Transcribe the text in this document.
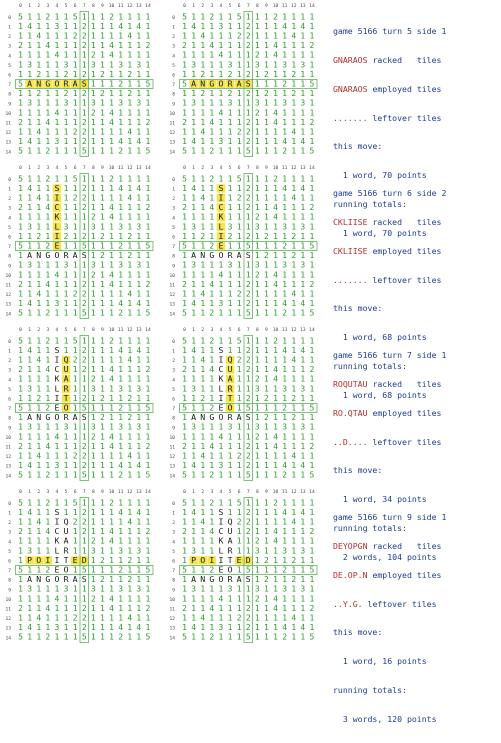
0 1 2 3 4 5 6 7 8 9 10 11 12 13 14
0 5 1 1 2 1 1 5 1 1 1 2 1 1 1 1
1 1 4 1 1 3 1 1 2 1 1 1 4 1 4 1
2 1 1 4 1 1 1 2 2 1 1 1 1 4 1 1
3 2 1 1 4 1 1 1 2 1 1 4 1 1 1 2
4 1 1 1 1 4 1 1 1 2 1 4 1 1 1 1
5 1 3 1 1 1 3 1 1 3 1 1 3 1 3 1
6 1 1 2 1 1 2 1 2 1 2 1 1 2 1 1
7 5 A N G O R A S 1 1 1 2 1 1 5
8 1 1 2 1 1 2 1 2 1 2 1 1 2 1 1
9 1 3 1 1 1 3 1 1 3 1 1 3 1 3 1
10 1 1 1 1 4 1 1 1 2 1 4 1 1 1 1
11 2 1 1 4 1 1 1 2 1 1 4 1 1 1 2
12 1 1 4 1 1 1 2 2 1 1 1 1 4 1 1
13 1 4 1 1 3 1 1 2 1 1 1 4 1 4 1
14 5 1 1 2 1 1 1 5 1 1 1 2 1 1 5
0 1 2 3 4 5 6 7 8 9 10 11 12 13 14
0 5 1 1 2 1 1 5 1 1 1 2 1 1 1 1
1 1 4 1 1 3 1 1 2 1 1 1 4 1 4 1
2 1 1 4 1 1 1 2 2 1 1 1 1 4 1 1
3 2 1 1 4 1 1 1 2 1 1 4 1 1 1 2
4 1 1 1 1 4 1 1 1 2 1 4 1 1 1 1
5 1 3 1 1 1 3 1 1 3 1 1 3 1 3 1
6 1 1 2 1 1 2 1 2 1 2 1 1 2 1 1
7 5 A N G O R A S 1 1 1 2 1 1 5
8 1 1 2 1 1 2 1 2 1 2 1 1 2 1 1
9 1 3 1 1 1 3 1 1 3 1 1 3 1 3 1
10 1 1 1 1 4 1 1 1 2 1 4 1 1 1 1
11 2 1 1 4 1 1 1 2 1 1 4 1 1 1 2
12 1 1 4 1 1 1 2 2 1 1 1 1 4 1 1
13 1 4 1 1 3 1 1 2 1 1 1 4 1 4 1
14 5 1 1 2 1 1 1 5 1 1 1 2 1 1 5

game 5166 turn 5 side 1

GNARAOS racked   tiles

GNARAOS employed tiles

....... leftover tiles

this move:

1 word, 70 points

running totals:

1 word, 70 points

0 1 2 3 4 5 6 7 8 9 10 11 12 13 14
0 5 1 1 2 1 1 5 1 1 1 2 1 1 1 1
1 1 4 1 1 S 1 1 2 1 1 1 4 1 4 1
2 1 1 4 1 I 1 2 2 1 1 1 1 4 1 1
3 2 1 1 4 C 1 1 2 1 1 4 1 1 1 2
4 1 1 1 1 K 1 1 1 2 1 4 1 1 1 1
5 1 3 1 1 L 3 1 1 3 1 1 3 1 3 1
6 1 1 2 1 I 2 1 2 1 2 1 1 2 1 1
7 5 1 1 2 E 1 1 5 1 1 1 2 1 1 5
8 1 A N G O R A S 1 2 1 1 2 1 1
9 1 3 1 1 1 3 1 1 3 1 1 3 1 3 1
10 1 1 1 1 4 1 1 1 2 1 4 1 1 1 1
11 2 1 1 4 1 1 1 2 1 1 4 1 1 1 2
12 1 1 4 1 1 1 2 2 1 1 1 1 4 1 1
13 1 4 1 1 3 1 1 2 1 1 1 4 1 4 1
14 5 1 1 2 1 1 1 5 1 1 1 2 1 1 5
0 1 2 3 4 5 6 7 8 9 10 11 12 13 14
0 5 1 1 2 1 1 5 1 1 1 2 1 1 1 1
1 1 4 1 1 S 1 1 2 1 1 1 4 1 4 1
2 1 1 4 1 I 1 2 2 1 1 1 1 4 1 1
3 2 1 1 4 C 1 1 2 1 1 4 1 1 1 2
4 1 1 1 1 K 1 1 1 2 1 4 1 1 1 1
5 1 3 1 1 L 3 1 1 3 1 1 3 1 3 1
6 1 1 2 1 I 2 1 2 1 2 1 1 2 1 1
7 5 1 1 2 E 1 1 5 1 1 1 2 1 1 5
8 1 A N G O R A S 1 2 1 1 2 1 1
9 1 3 1 1 1 3 1 1 3 1 1 3 1 3 1
10 1 1 1 1 4 1 1 1 2 1 4 1 1 1 1
11 2 1 1 4 1 1 1 2 1 1 4 1 1 1 2
12 1 1 4 1 1 1 2 2 1 1 1 1 4 1 1
13 1 4 1 1 3 1 1 2 1 1 1 4 1 4 1
14 5 1 1 2 1 1 1 5 1 1 1 2 1 1 5

game 5166 turn 6 side 2

CKLIISE racked   tiles

CKLIISE employed tiles

....... leftover tiles

this move:

1 word, 68 points

running totals:

1 word, 68 points

0 1 2 3 4 5 6 7 8 9 10 11 12 13 14
0 5 1 1 2 1 1 5 1 1 1 2 1 1 1 1
1 1 4 1 1 S 1 1 2 1 1 1 4 1 4 1
2 1 1 4 1 I Q 2 2 1 1 1 1 4 1 1
3 2 1 1 4 C U 1 2 1 1 4 1 1 1 2
4 1 1 1 1 K A 1 1 2 1 4 1 1 1 1
5 1 3 1 1 L R 1 1 3 1 1 3 1 3 1
6 1 1 2 1 I T 1 2 1 2 1 1 2 1 1
7 5 1 1 2 E O 1 5 1 1 1 2 1 1 5
8 1 A N G O R A S 1 2 1 1 2 1 1
9 1 3 1 1 1 3 1 1 3 1 1 3 1 3 1
10 1 1 1 1 4 1 1 1 2 1 4 1 1 1 1
11 2 1 1 4 1 1 1 2 1 1 4 1 1 1 2
12 1 1 4 1 1 1 2 2 1 1 1 1 4 1 1
13 1 4 1 1 3 1 1 2 1 1 1 4 1 4 1
14 5 1 1 2 1 1 1 5 1 1 1 2 1 1 5
0 1 2 3 4 5 6 7 8 9 10 11 12 13 14
0 5 1 1 2 1 1 5 1 1 1 2 1 1 1 1
1 1 4 1 1 S 1 1 2 1 1 1 4 1 4 1
2 1 1 4 1 I Q 2 2 1 1 1 1 4 1 1
3 2 1 1 4 C U 1 2 1 1 4 1 1 1 2
4 1 1 1 1 K A 1 1 2 1 4 1 1 1 1
5 1 3 1 1 L R 1 1 3 1 1 3 1 3 1
6 1 1 2 1 I T 1 2 1 2 1 1 2 1 1
7 5 1 1 2 E O 1 5 1 1 1 2 1 1 5
8 1 A N G O R A S 1 2 1 1 2 1 1
9 1 3 1 1 1 3 1 1 3 1 1 3 1 3 1
10 1 1 1 1 4 1 1 1 2 1 4 1 1 1 1
11 2 1 1 4 1 1 1 2 1 1 4 1 1 1 2
12 1 1 4 1 1 1 2 2 1 1 1 1 4 1 1
13 1 4 1 1 3 1 1 2 1 1 1 4 1 4 1
14 5 1 1 2 1 1 1 5 1 1 1 2 1 1 5

game 5166 turn 7 side 1

ROQUTAU racked   tiles

RO.QTAU employed tiles

..D.... leftover tiles

this move:

1 word, 34 points

running totals:

2 words, 104 points

0 1 2 3 4 5 6 7 8 9 10 11 12 13 14
0 5 1 1 2 1 1 5 1 1 1 2 1 1 1 1
1 1 4 1 1 S 1 1 2 1 1 1 4 1 4 1
2 1 1 4 1 I Q 2 2 1 1 1 1 4 1 1
3 2 1 1 4 C U 1 2 1 1 4 1 1 1 2
4 1 1 1 1 K A 1 1 2 1 4 1 1 1 1
5 1 3 1 1 L R 1 1 3 1 1 3 1 3 1
6 1 P O I I T E D 1 2 1 1 2 1 1
7 5 1 1 2 E O 1 5 1 1 1 2 1 1 5
8 1 A N G O R A S 1 2 1 1 2 1 1
9 1 3 1 1 1 3 1 1 3 1 1 3 1 3 1
10 1 1 1 1 4 1 1 1 2 1 4 1 1 1 1
11 2 1 1 4 1 1 1 2 1 1 4 1 1 1 2
12 1 1 4 1 1 1 2 2 1 1 1 1 4 1 1
13 1 4 1 1 3 1 1 2 1 1 1 4 1 4 1
14 5 1 1 2 1 1 1 5 1 1 1 2 1 1 5
0 1 2 3 4 5 6 7 8 9 10 11 12 13 14
0 5 1 1 2 1 1 5 1 1 1 2 1 1 1 1
1 1 4 1 1 S 1 1 2 1 1 1 4 1 4 1
2 1 1 4 1 I Q 2 2 1 1 1 1 4 1 1
3 2 1 1 4 C U 1 2 1 1 4 1 1 1 2
4 1 1 1 1 K A 1 1 2 1 4 1 1 1 1
5 1 3 1 1 L R 1 1 3 1 1 3 1 3 1
6 1 P O I I T E D 1 2 1 1 2 1 1
7 5 1 1 2 E O 1 5 1 1 1 2 1 1 5
8 1 A N G O R A S 1 2 1 1 2 1 1
9 1 3 1 1 1 3 1 1 3 1 1 3 1 3 1
10 1 1 1 1 4 1 1 1 2 1 4 1 1 1 1
11 2 1 1 4 1 1 1 2 1 1 4 1 1 1 2
12 1 1 4 1 1 1 2 2 1 1 1 1 4 1 1
13 1 4 1 1 3 1 1 2 1 1 1 4 1 4 1
14 5 1 1 2 1 1 1 5 1 1 1 2 1 1 5

game 5166 turn 9 side 1

DEYOPGN racked   tiles

DE.OP.N employed tiles

..Y.G. leftover tiles

this move:

1 word, 16 points

running totals:

3 words, 120 points
